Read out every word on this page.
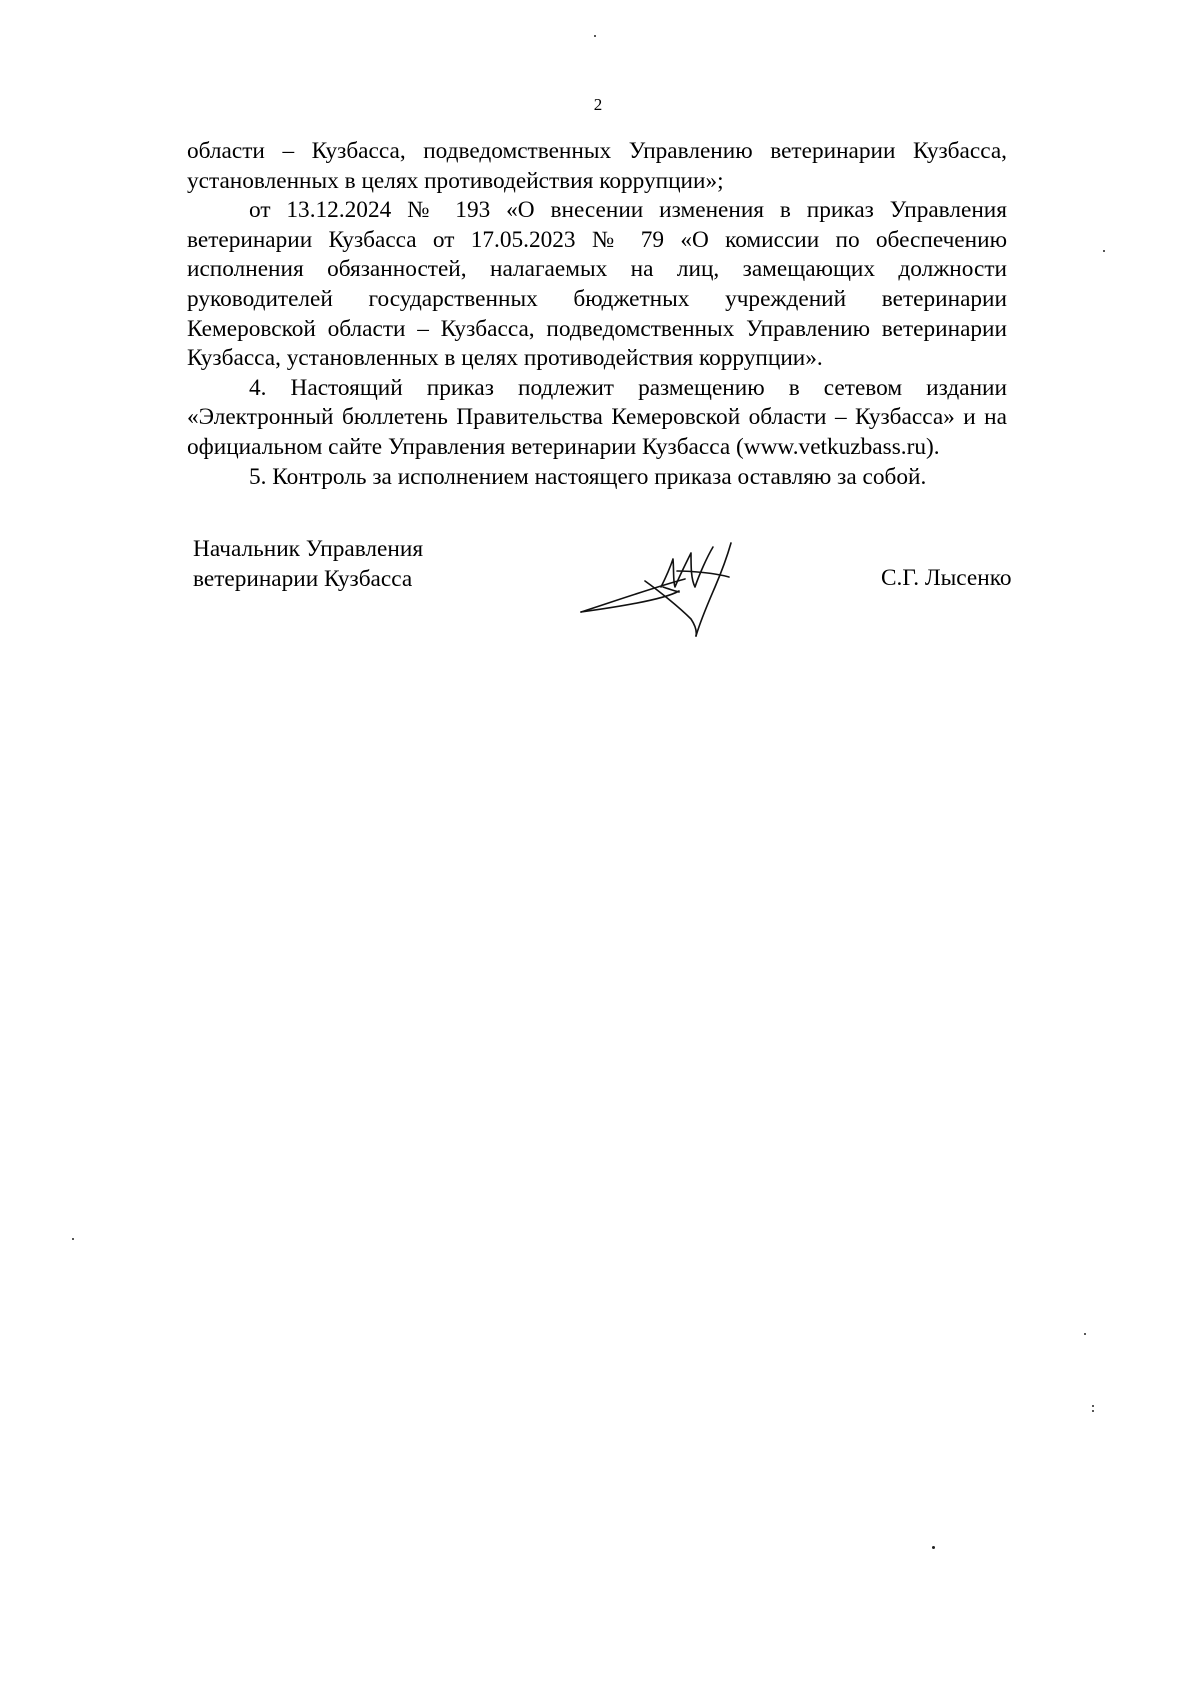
2

области – Кузбасса, подведомственных Управлению ветеринарии Кузбасса, установленных в целях противодействия коррупции»;

от 13.12.2024 № 193 «О внесении изменения в приказ Управления ветеринарии Кузбасса от 17.05.2023 № 79 «О комиссии по обеспечению исполнения обязанностей, налагаемых на лиц, замещающих должности руководителей государственных бюджетных учреждений ветеринарии Кемеровской области – Кузбасса, подведомственных Управлению ветеринарии Кузбасса, установленных в целях противодействия коррупции».

4. Настоящий приказ подлежит размещению в сетевом издании «Электронный бюллетень Правительства Кемеровской области – Кузбасса» и на официальном сайте Управления ветеринарии Кузбасса (www.vetkuzbass.ru).

5. Контроль за исполнением настоящего приказа оставляю за собой.

Начальник Управления
ветеринарии Кузбасса	С.Г. Лысенко
